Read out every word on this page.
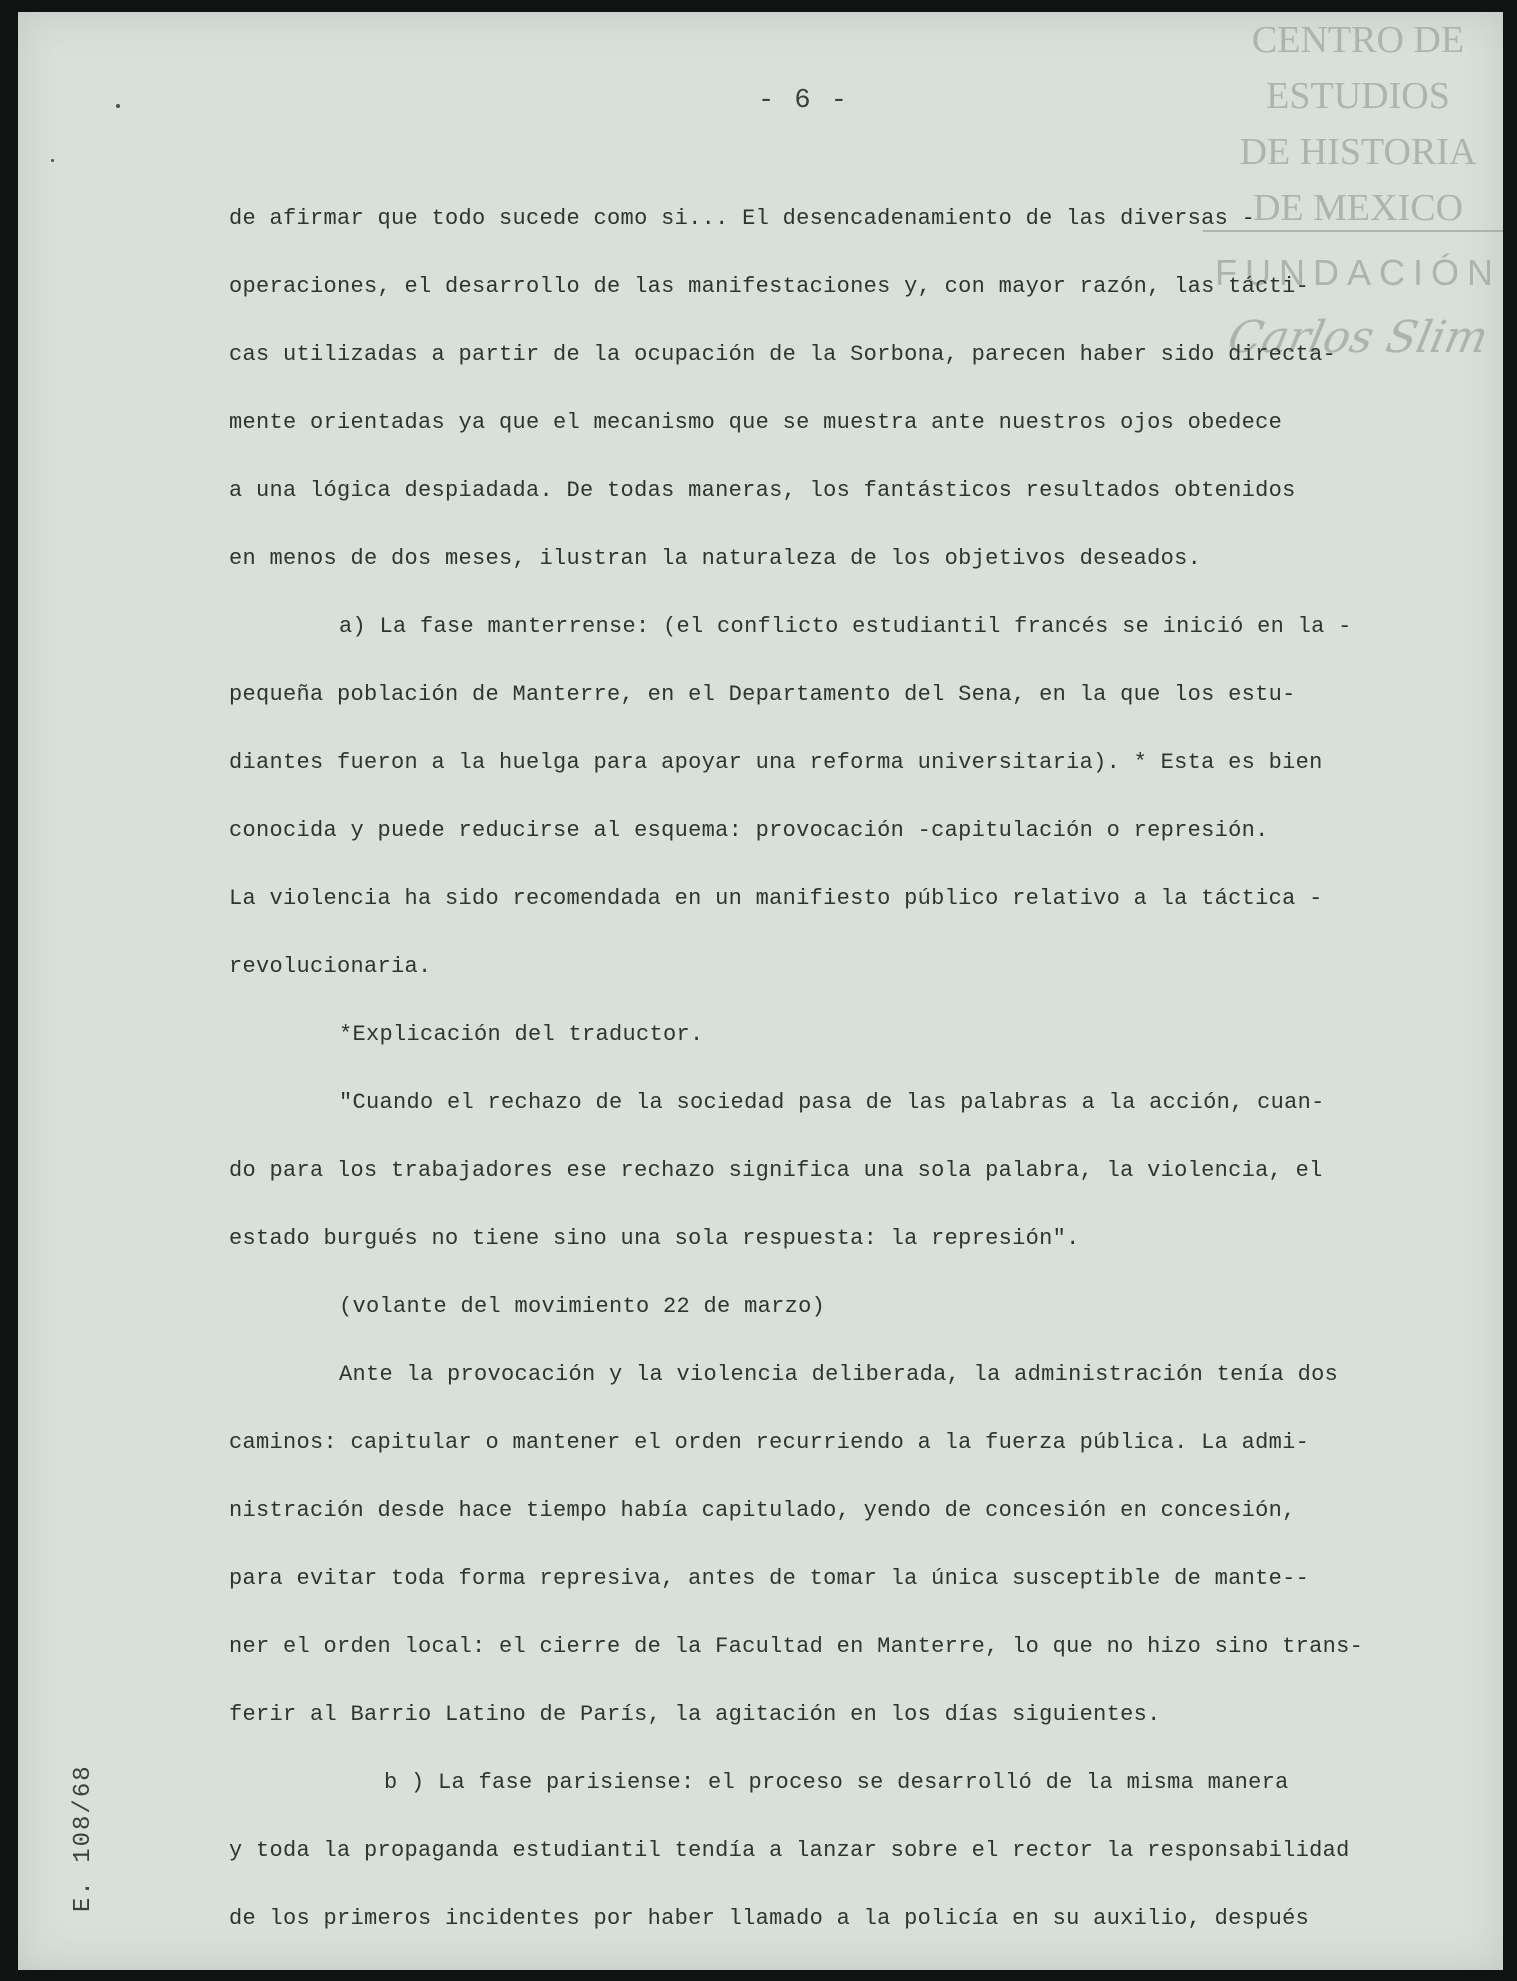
- 6 -
CENTRO DE
ESTUDIOS
DE HISTORIA
DE MEXICO
FUNDACIÓN
Carlos Slim
de afirmar que todo sucede como si... El desencadenamiento de las diversas -
operaciones, el desarrollo de las manifestaciones y, con mayor razón, las tácti-
cas utilizadas a partir de la ocupación de la Sorbona, parecen haber sido directa-
mente orientadas ya que el mecanismo que se muestra ante nuestros ojos obedece
a una lógica despiadada. De todas maneras, los fantásticos resultados obtenidos
en menos de dos meses, ilustran la naturaleza de los objetivos deseados.
a) La fase manterrense: (el conflicto estudiantil francés se inició en la -
pequeña población de Manterre, en el Departamento del Sena, en la que los estu-
diantes fueron a la huelga para apoyar una reforma universitaria). * Esta es bien
conocida y puede reducirse al esquema: provocación -capitulación o represión.
La violencia ha sido recomendada en un manifiesto público relativo a la táctica -
revolucionaria.
*Explicación del traductor.
"Cuando el rechazo de la sociedad pasa de las palabras a la acción, cuan-
do para los trabajadores ese rechazo significa una sola palabra, la violencia, el
estado burgués no tiene sino una sola respuesta: la represión".
(volante del movimiento 22 de marzo)
Ante la provocación y la violencia deliberada, la administración tenía dos
caminos: capitular o mantener el orden recurriendo a la fuerza pública. La admi-
nistración desde hace tiempo había capitulado, yendo de concesión en concesión,
para evitar toda forma represiva, antes de tomar la única susceptible de mante--
ner el orden local: el cierre de la Facultad en Manterre, lo que no hizo sino trans-
ferir al Barrio Latino de París, la agitación en los días siguientes.
b ) La fase parisiense: el proceso se desarrolló de la misma manera
y toda la propaganda estudiantil tendía a lanzar sobre el rector la responsabilidad
de los primeros incidentes por haber llamado a la policía en su auxilio, después
E. 108/68
